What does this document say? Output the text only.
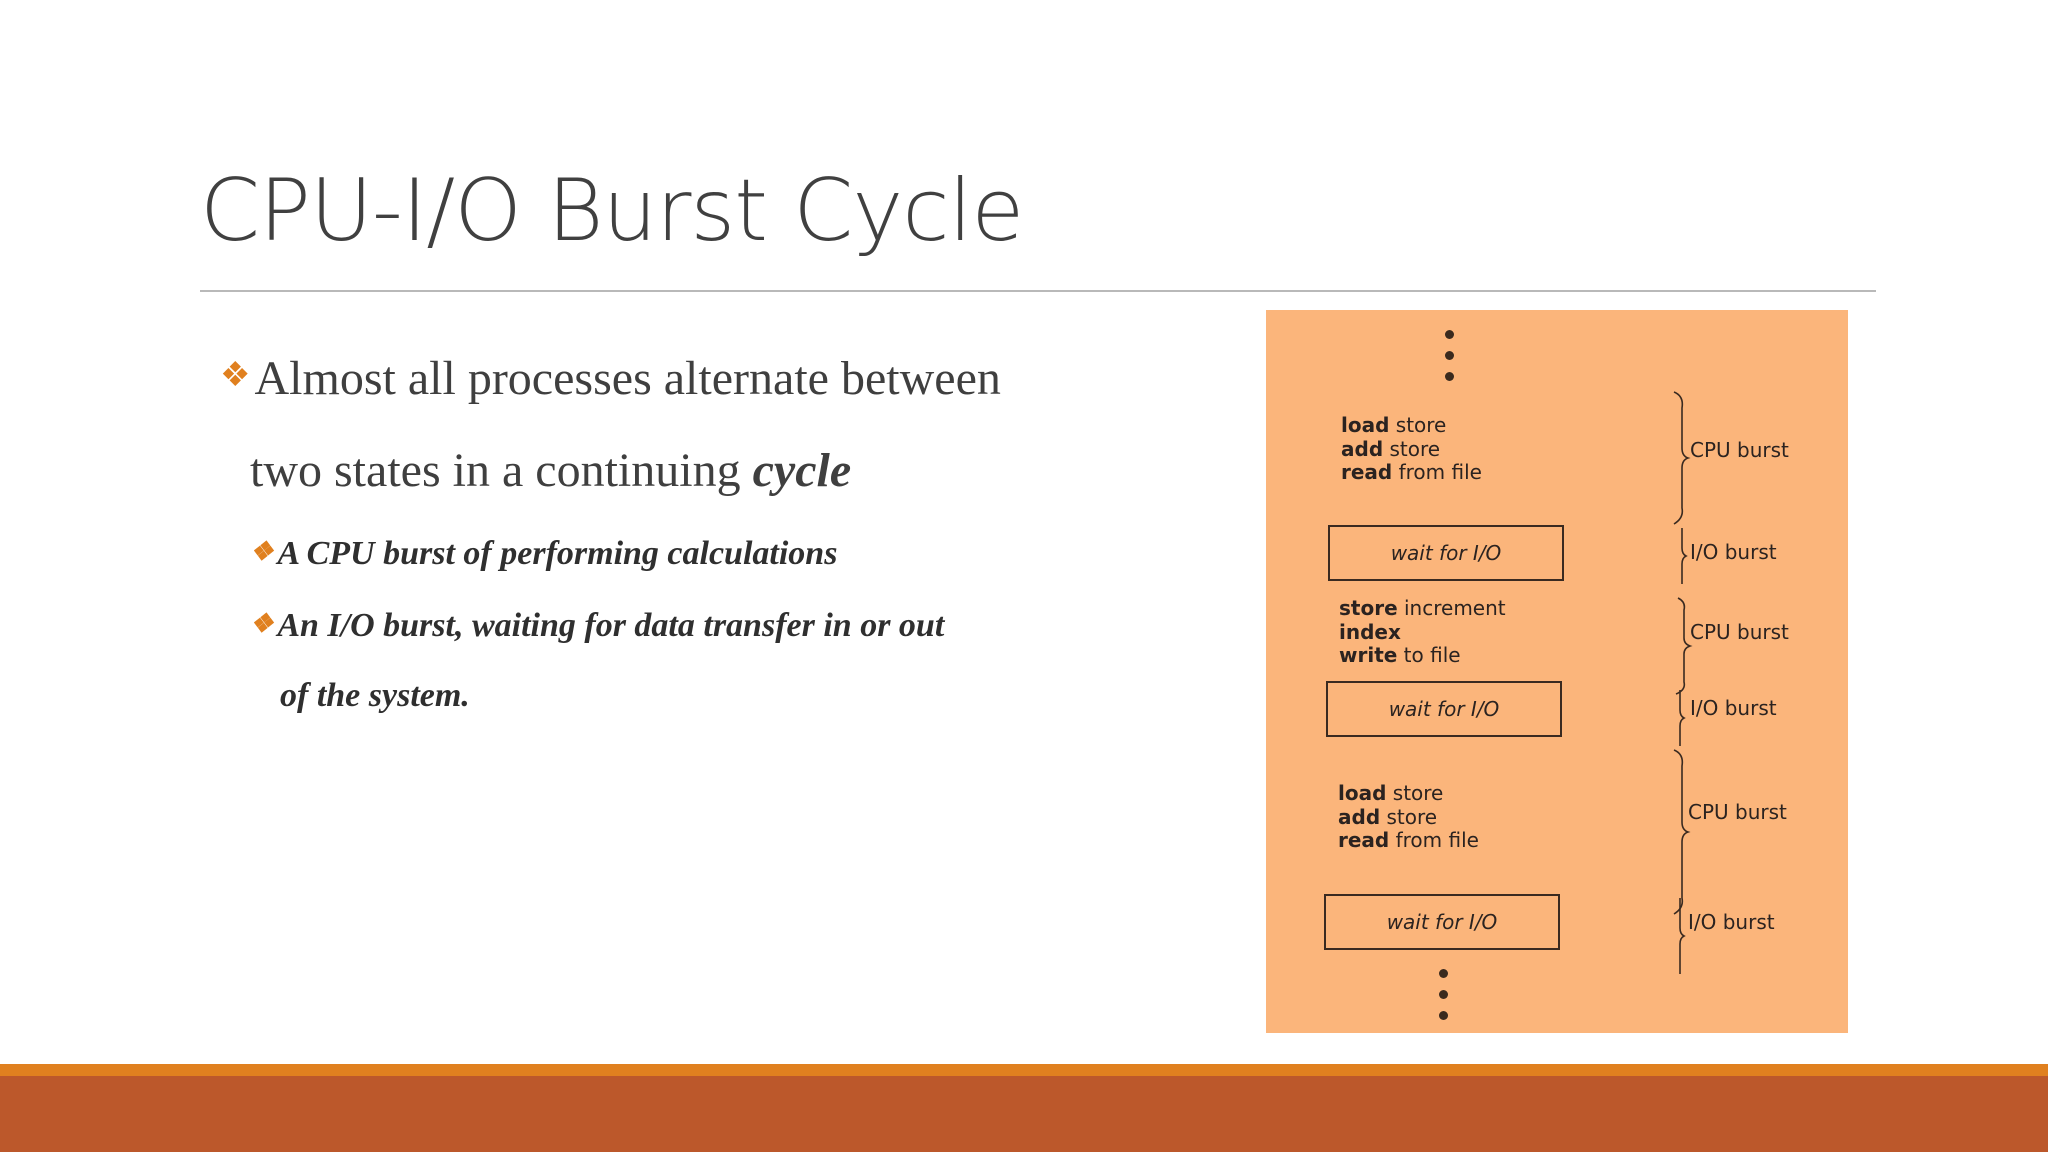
CPU-I/O Burst Cycle

❖Almost all processes alternate between
two states in a continuing cycle

❖ A CPU burst of performing calculations

❖ An I/O burst, waiting for data transfer in or out
of the system.

load store
add store
read from file
wait for I/O
store increment
index
write to file
wait for I/O
load store
add store
read from file
wait for I/O
CPU burst
I/O burst
CPU burst
I/O burst
CPU burst
I/O burst
